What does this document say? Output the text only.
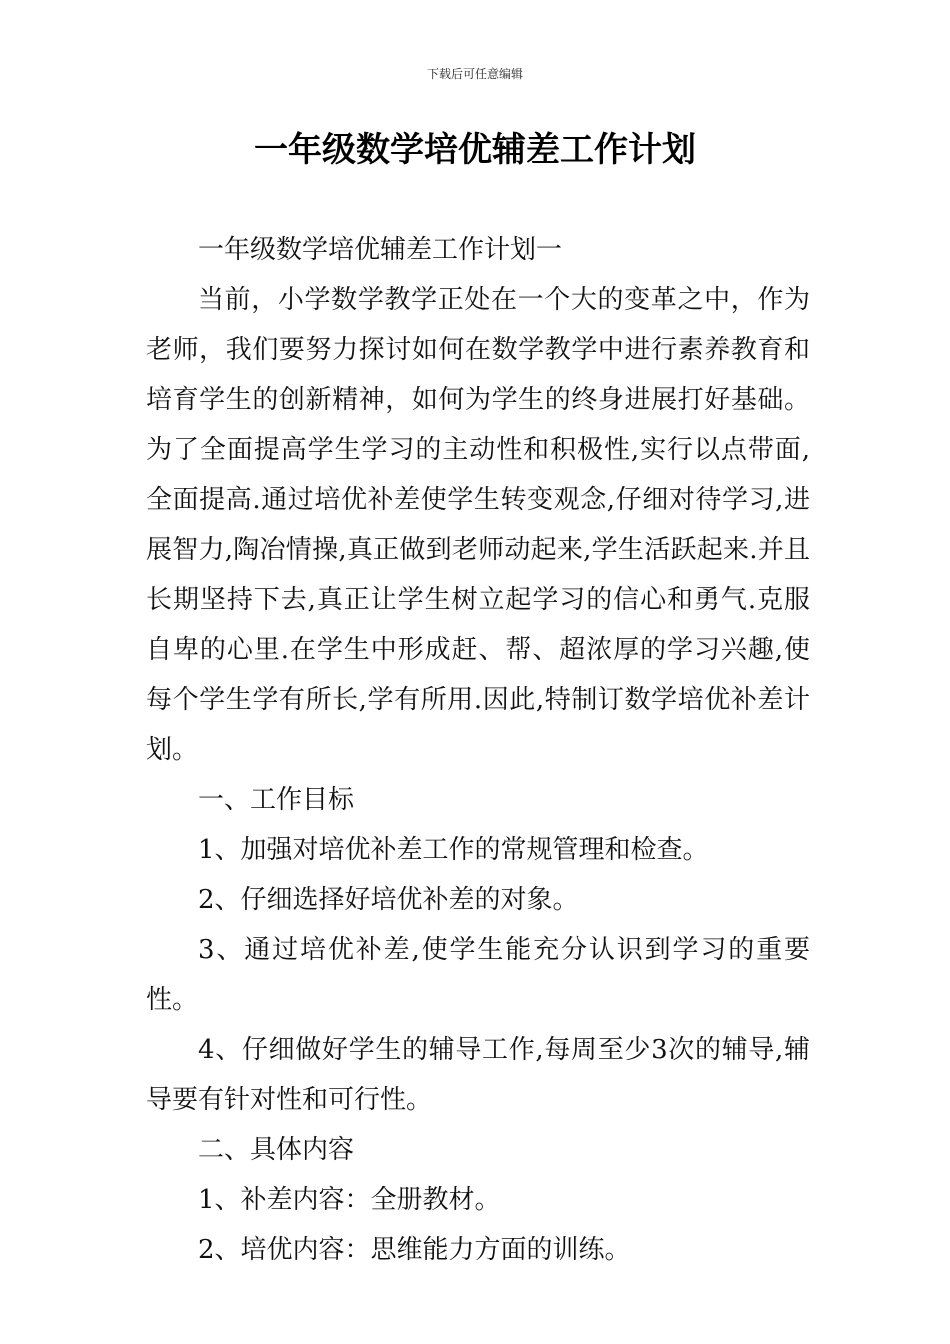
下载后可任意编辑
一年级数学培优辅差工作计划

一年级数学培优辅差工作计划一

当前，小学数学教学正处在一个大的变革之中，作为老师，我们要努力探讨如何在数学教学中进行素养教育和培育学生的创新精神，如何为学生的终身进展打好基础。为了全面提高学生学习的主动性和积极性,实行以点带面,全面提高.通过培优补差使学生转变观念,仔细对待学习,进展智力,陶冶情操,真正做到老师动起来,学生活跃起来.并且长期坚持下去,真正让学生树立起学习的信心和勇气.克服自卑的心里.在学生中形成赶、帮、超浓厚的学习兴趣,使每个学生学有所长,学有所用.因此,特制订数学培优补差计划。

一、工作目标

1、加强对培优补差工作的常规管理和检查。

2、仔细选择好培优补差的对象。

3、通过培优补差,使学生能充分认识到学习的重要性。

4、仔细做好学生的辅导工作,每周至少3次的辅导,辅导要有针对性和可行性。

二、具体内容

1、补差内容：全册教材。

2、培优内容：思维能力方面的训练。
